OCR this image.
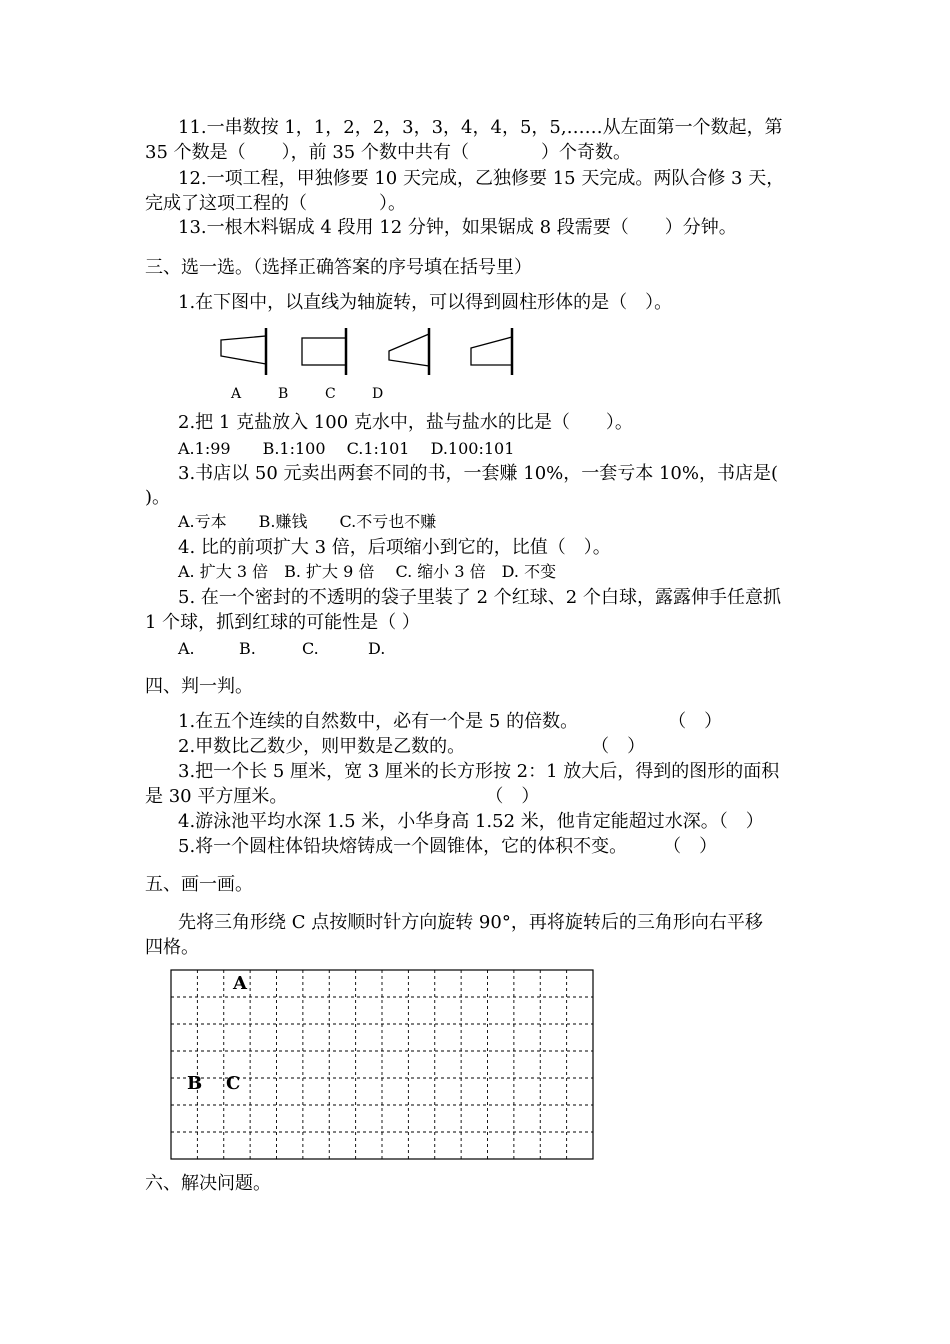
11.一串数按 1，1，2，2，3，3，4，4，5，5,……从左面第一个数起，第
35 个数是（　　），前 35 个数中共有（　　　　）个奇数。
12.一项工程，甲独修要 10 天完成，乙独修要 15 天完成。两队合修 3 天，
完成了这项工程的（　　　　）。
13.一根木料锯成 4 段用 12 分钟，如果锯成 8 段需要（　　）分钟。
三、选一选。（选择正确答案的序号填在括号里）
1.在下图中，以直线为轴旋转，可以得到圆柱形体的是（　）。
A	B	C	D
2.把 1 克盐放入 100 克水中，盐与盐水的比是（　　）。
A.1:99　　B.1:100　 C.1:101　 D.100:101
3.书店以 50 元卖出两套不同的书，一套赚 10%，一套亏本 10%，书店是(
)。
A.亏本　　B.赚钱　　C.不亏也不赚
4. 比的前项扩大 3 倍，后项缩小到它的，比值（　）。
A. 扩大 3 倍　B. 扩大 9 倍　 C. 缩小 3 倍　D. 不变
5. 在一个密封的不透明的袋子里装了 2 个红球、2 个白球，露露伸手任意抓
1 个球，抓到红球的可能性是（ ）
A.	B.	C.	D.
四、判一判。
1.在五个连续的自然数中，必有一个是 5 的倍数。　　　　　　（　）
2.甲数比乙数少，则甲数是乙数的。　　　　　　　　（　）
3.把一个长 5 厘米，宽 3 厘米的长方形按 2：1 放大后，得到的图形的面积
是 30 平方厘米。　　　　　　　　　　　　（　）
4.游泳池平均水深 1.5 米，小华身高 1.52 米，他肯定能超过水深。（　）
5.将一个圆柱体铅块熔铸成一个圆锥体，它的体积不变。　　　（　）
五、画一画。
先将三角形绕 C 点按顺时针方向旋转 90°，再将旋转后的三角形向右平移
四格。
A
B C
六、解决问题。
